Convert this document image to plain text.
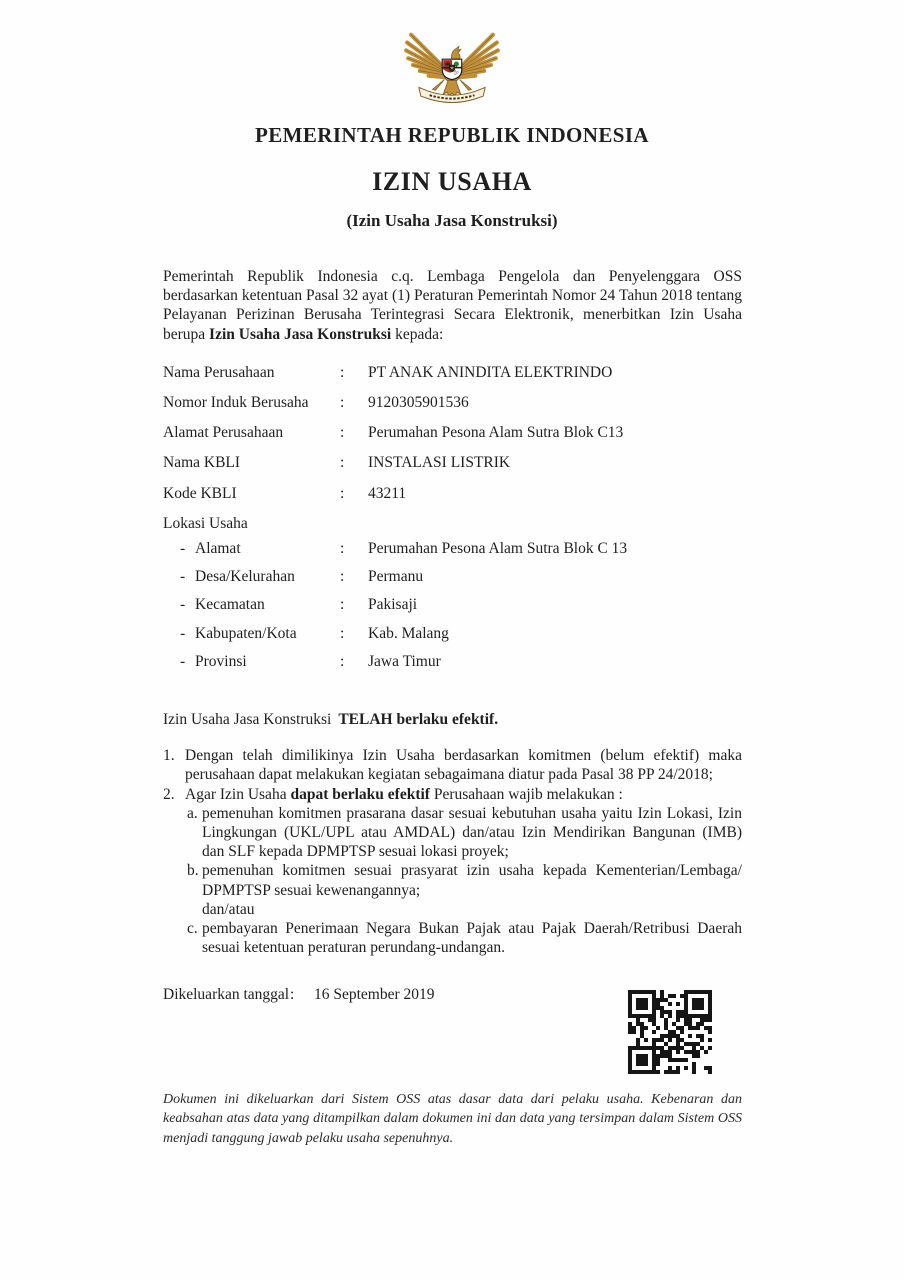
PEMERINTAH REPUBLIK INDONESIA
IZIN USAHA
(Izin Usaha Jasa Konstruksi)

Pemerintah Republik Indonesia c.q. Lembaga Pengelola dan Penyelenggara OSS berdasarkan ketentuan Pasal 32 ayat (1) Peraturan Pemerintah Nomor 24 Tahun 2018 tentang Pelayanan Perizinan Berusaha Terintegrasi Secara Elektronik, menerbitkan Izin Usaha berupa Izin Usaha Jasa Konstruksi kepada:

Nama Perusahaan	:	PT ANAK ANINDITA ELEKTRINDO
Nomor Induk Berusaha	:	9120305901536
Alamat Perusahaan	:	Perumahan Pesona Alam Sutra Blok C13
Nama KBLI	:	INSTALASI LISTRIK
Kode KBLI	:	43211
Lokasi Usaha
- Alamat	:	Perumahan Pesona Alam Sutra Blok C 13
- Desa/Kelurahan	:	Permanu
- Kecamatan	:	Pakisaji
- Kabupaten/Kota	:	Kab. Malang
- Provinsi	:	Jawa Timur
Izin Usaha Jasa Konstruksi TELAH berlaku efektif.
1. Dengan telah dimilikinya Izin Usaha berdasarkan komitmen (belum efektif) maka perusahaan dapat melakukan kegiatan sebagaimana diatur pada Pasal 38 PP 24/2018;
2. Agar Izin Usaha dapat berlaku efektif Perusahaan wajib melakukan :
a. pemenuhan komitmen prasarana dasar sesuai kebutuhan usaha yaitu Izin Lokasi, Izin Lingkungan (UKL/UPL atau AMDAL) dan/atau Izin Mendirikan Bangunan (IMB) dan SLF kepada DPMPTSP sesuai lokasi proyek;
b. pemenuhan komitmen sesuai prasyarat izin usaha kepada Kementerian/Lembaga/ DPMPTSP sesuai kewenangannya;
dan/atau
c. pembayaran Penerimaan Negara Bukan Pajak atau Pajak Daerah/Retribusi Daerah sesuai ketentuan peraturan perundang-undangan.
Dikeluarkan tanggal :	16 September 2019

Dokumen ini dikeluarkan dari Sistem OSS atas dasar data dari pelaku usaha. Kebenaran dan keabsahan atas data yang ditampilkan dalam dokumen ini dan data yang tersimpan dalam Sistem OSS menjadi tanggung jawab pelaku usaha sepenuhnya.
